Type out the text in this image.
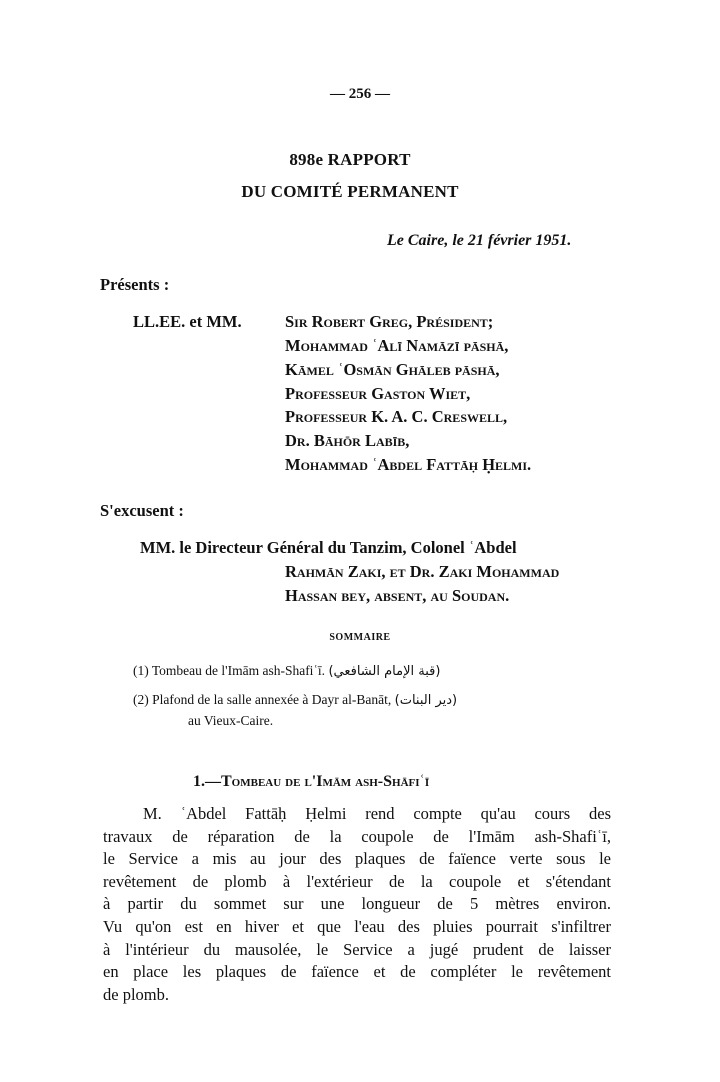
— 256 —
898e RAPPORT
DU COMITÉ PERMANENT
Le Caire, le 21 février 1951.
Présents :
LL.EE. et MM.	Sir Robert Greg, Président;
Mohammad ʿAlī Namāzī pāshā,
Kāmel ʿOsmān Ghāleb pāshā,
Professeur Gaston Wiet,
Professeur K. A. C. Creswell,
Dr. Bāhōr Labīb,
Mohammad ʿAbdel Fattāḥ Ḥelmi.
S'excusent :
MM. le Directeur Général du Tanzim, Colonel ʿAbdel
Rahmān Zaki, et Dr. Zaki Mohammad
Hassan bey, absent, au Soudan.
SOMMAIRE
(1) Tombeau de l'Imām ash-Shafiʿī. (قبة الإمام الشافعي)
(2) Plafond de la salle annexée à Dayr al-Banāt, (دير البنات)
au Vieux-Caire.
1.—Tombeau de l'Imām ash-Shāfiʿī
M. ʿAbdel Fattāḥ Ḥelmi rend compte qu'au cours des
travaux de réparation de la coupole de l'Imām ash-Shafiʿī,
le Service a mis au jour des plaques de faïence verte sous le
revêtement de plomb à l'extérieur de la coupole et s'étendant
à partir du sommet sur une longueur de 5 mètres environ.
Vu qu'on est en hiver et que l'eau des pluies pourrait s'infiltrer
à l'intérieur du mausolée, le Service a jugé prudent de laisser
en place les plaques de faïence et de compléter le revêtement
de plomb.
